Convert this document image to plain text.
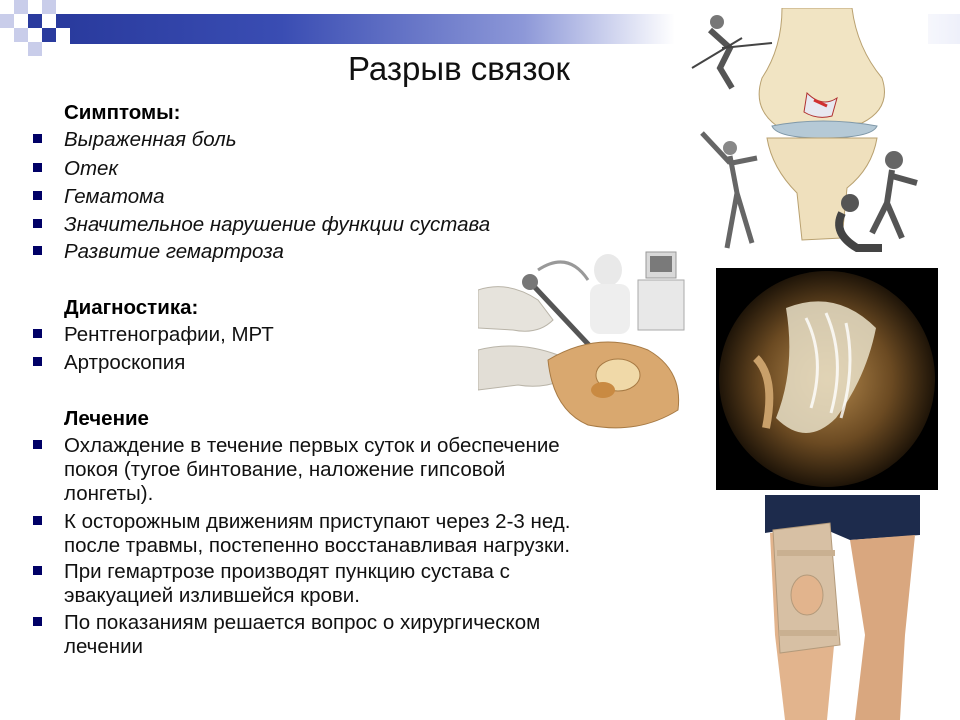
Разрыв связок
Симптомы:
Выраженная боль
Отек
Гематома
Значительное нарушение функции сустава
Развитие гемартроза
Диагностика:
Рентгенографии, МРТ
Артроскопия
Лечение
Охлаждение в течение первых суток и обеспечение
покоя (тугое бинтование, наложение гипсовой
лонгеты).
К осторожным движениям приступают через 2-3 нед.
после травмы, постепенно восстанавливая нагрузки.
При гемартрозе производят пункцию сустава с
эвакуацией излившейся крови.
По показаниям решается вопрос о хирургическом
лечении
